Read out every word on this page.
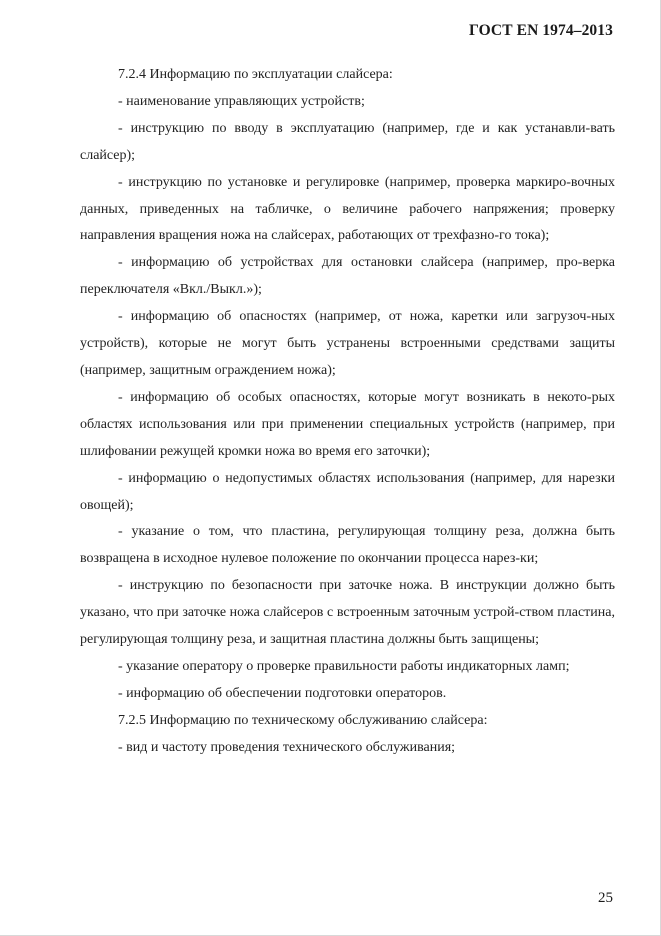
ГОСТ EN 1974–2013

7.2.4 Информацию по эксплуатации слайсера:

- наименование управляющих устройств;

- инструкцию по вводу в эксплуатацию (например, где и как устанавли-вать слайсер);

- инструкцию по установке и регулировке (например, проверка маркиро-вочных данных, приведенных на табличке, о величине рабочего напряжения; проверку направления вращения ножа на слайсерах, работающих от трехфазно-го тока);

- информацию об устройствах для остановки слайсера (например, про-верка переключателя «Вкл./Выкл.»);

- информацию об опасностях (например, от ножа, каретки или загрузоч-ных устройств), которые не могут быть устранены встроенными средствами защиты (например, защитным ограждением ножа);

- информацию об особых опасностях, которые могут возникать в некото-рых областях использования или при применении специальных устройств (например, при шлифовании режущей кромки ножа во время его заточки);

- информацию о недопустимых областях использования (например, для нарезки овощей);

- указание о том, что пластина, регулирующая толщину реза, должна быть возвращена в исходное нулевое положение по окончании процесса нарез-ки;

- инструкцию по безопасности при заточке ножа. В инструкции должно быть указано, что при заточке ножа слайсеров с встроенным заточным устрой-ством пластина, регулирующая толщину реза, и защитная пластина должны быть защищены;

- указание оператору о проверке правильности работы индикаторных ламп;

- информацию об обеспечении подготовки операторов.

7.2.5 Информацию по техническому обслуживанию слайсера:

- вид и частоту проведения технического обслуживания;

25
